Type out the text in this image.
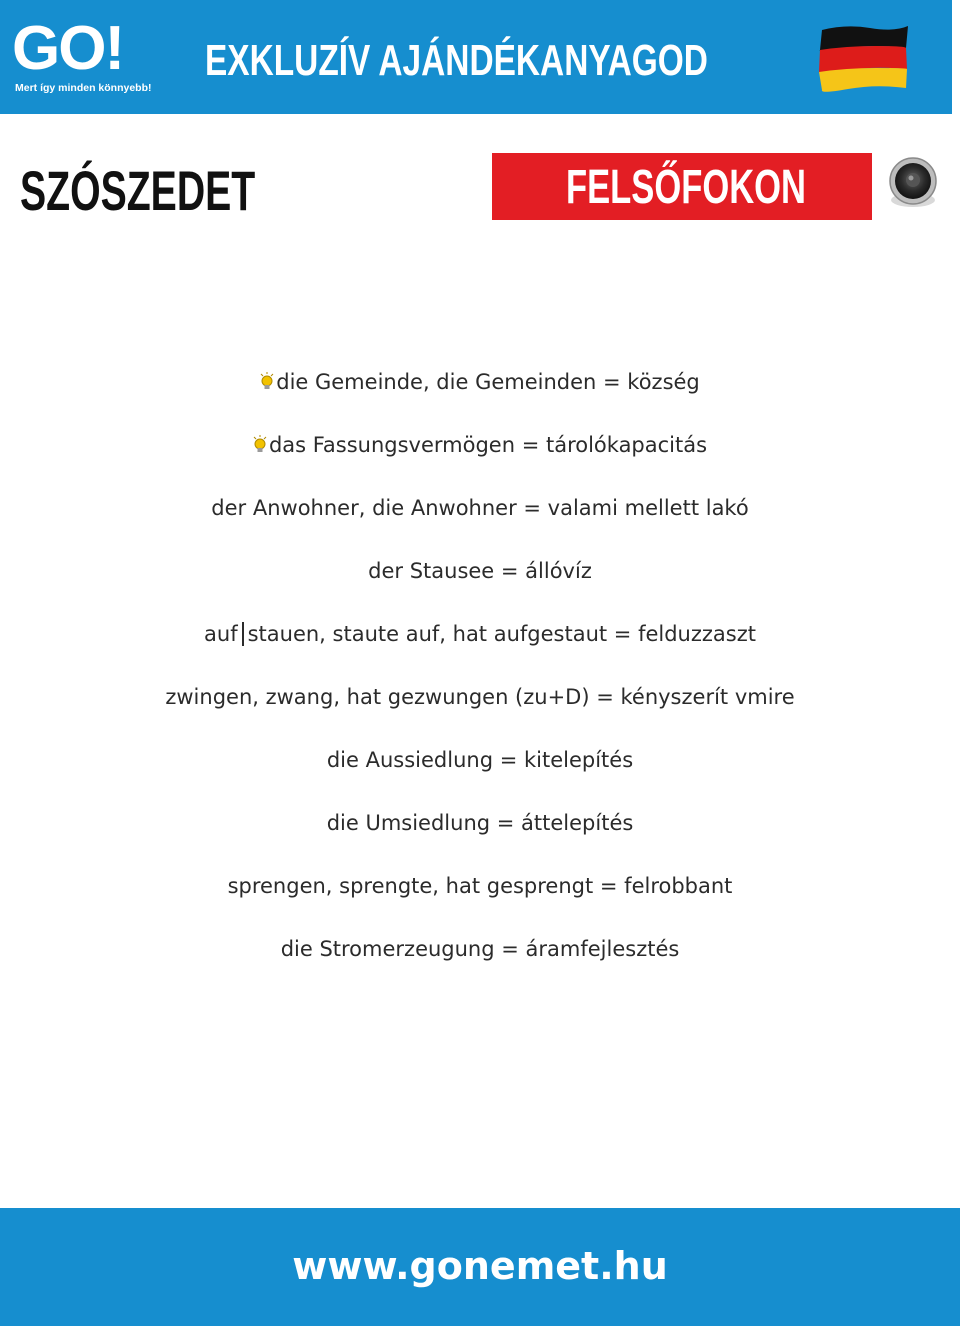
GO!
Mert így minden könnyebb!
EXKLUZÍV AJÁNDÉKANYAGOD
SZÓSZEDET	FELSŐFOKON
die Gemeinde, die Gemeinden = község
das Fassungsvermögen = tárolókapacitás
der Anwohner, die Anwohner = valami mellett lakó
der Stausee = állóvíz
auf stauen, staute auf, hat aufgestaut = felduzzaszt
zwingen, zwang, hat gezwungen (zu+D) = kényszerít vmire
die Aussiedlung = kitelepítés
die Umsiedlung = áttelepítés
sprengen, sprengte, hat gesprengt = felrobbant
die Stromerzeugung = áramfejlesztés
www.gonemet.hu
